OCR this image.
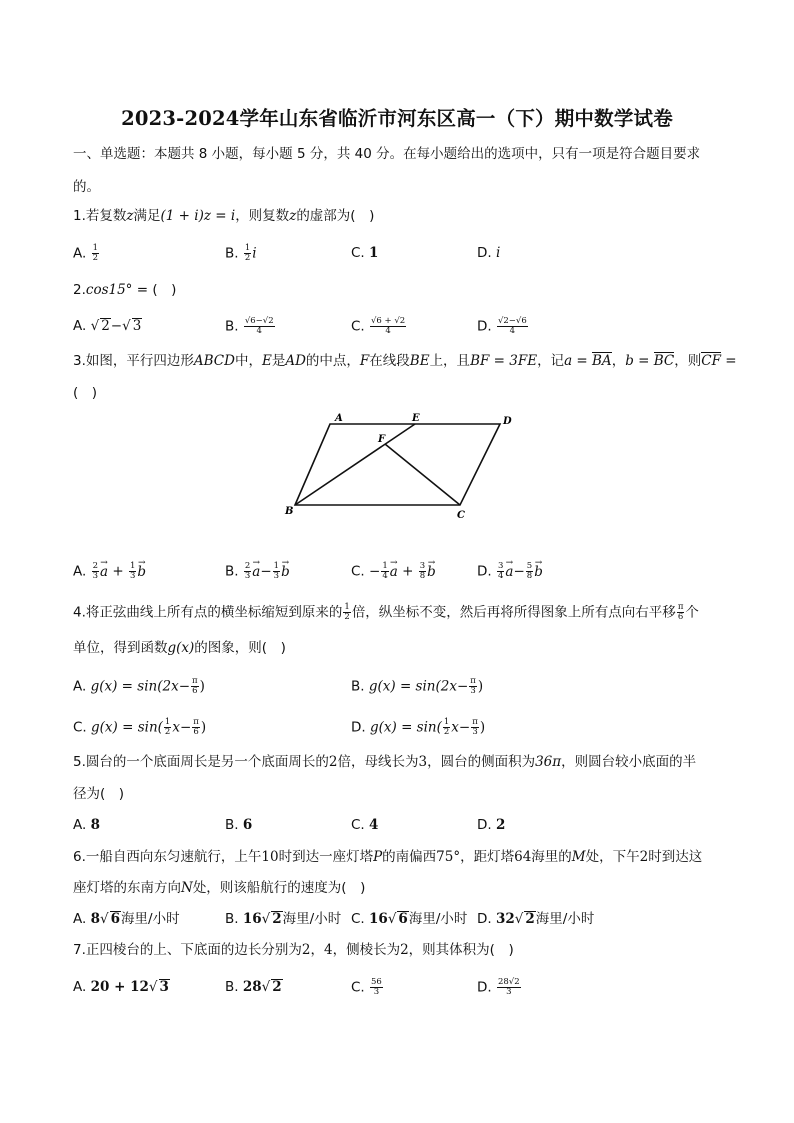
2023-2024学年山东省临沂市河东区高一（下）期中数学试卷
一、单选题：本题共 8 小题，每小题 5 分，共 40 分。在每小题给出的选项中，只有一项是符合题目要求
的。
1.若复数z满足(1 + i)z = i，则复数z的虚部为(　)
A. $\frac{1}{2}$	B. $\frac{1}{2}$ i	C. 1	D. i
2.cos15° = (　)
A. √ 2−√ 3	B. $\frac{√6-√2}{4}$	C. $\frac{√6 + √2}{4}$	D. $\frac{√2-√6}{4}$
3.如图，平行四边形ABCD中，E是AD的中点，F在线段BE上，且BF = 3FE，记a = BA，b = BC，则CF =
(　)
A	E	D
F
B	C
A. $\frac{2}{3}$
→ $a + \frac{1}{3}$
→ b	B. $\frac{2}{3}$
→ $a- \frac{1}{3}$
→ b	C. − $\frac{1}{4}$
→ $a + \frac{3}{8}$
→ b	D. $\frac{3}{4}$
→ $a- \frac{5}{8}$
→ b
4.将正弦曲线上所有点的横坐标缩短到原来的 $\frac{1}{2}$ 倍，纵坐标不变，然后再将所得图象上所有点向右平移 $\frac{\pi}{6}$ 个
单位，得到函数g(x)的图象，则(　)
A. $g(x) = \sin(2x- \frac{\pi}{6}$ )	B. $g(x) = \sin(2x- \frac{\pi}{3}$ )
C. $g(x) = \sin( \frac{1}{2} x- \frac{\pi}{6}$ )	D. $g(x) = \sin( \frac{1}{2} x- \frac{\pi}{3}$ )
5.圆台的一个底面周长是另一个底面周长的2倍，母线长为3，圆台的侧面积为36π，则圆台较小底面的半
径为(　)
A. 8	B. 6	C. 4	D. 2
6.一船自西向东匀速航行，上午10时到达一座灯塔P的南偏西75°，距灯塔64海里的M处，下午2时到达这
座灯塔的东南方向N处，则该船航行的速度为(　)
A. 8√ 6海里/小时	B. 16√ 2海里/小时 C. 16√ 6海里/小时 D. 32√ 2海里/小时
7.正四棱台的上、下底面的边长分别为2，4，侧棱长为2，则其体积为(　)
A. 20 + 12√ 3	B. 28√ 2	C. $\frac{56}{3}$	D. $\frac{28√2}{3}$
